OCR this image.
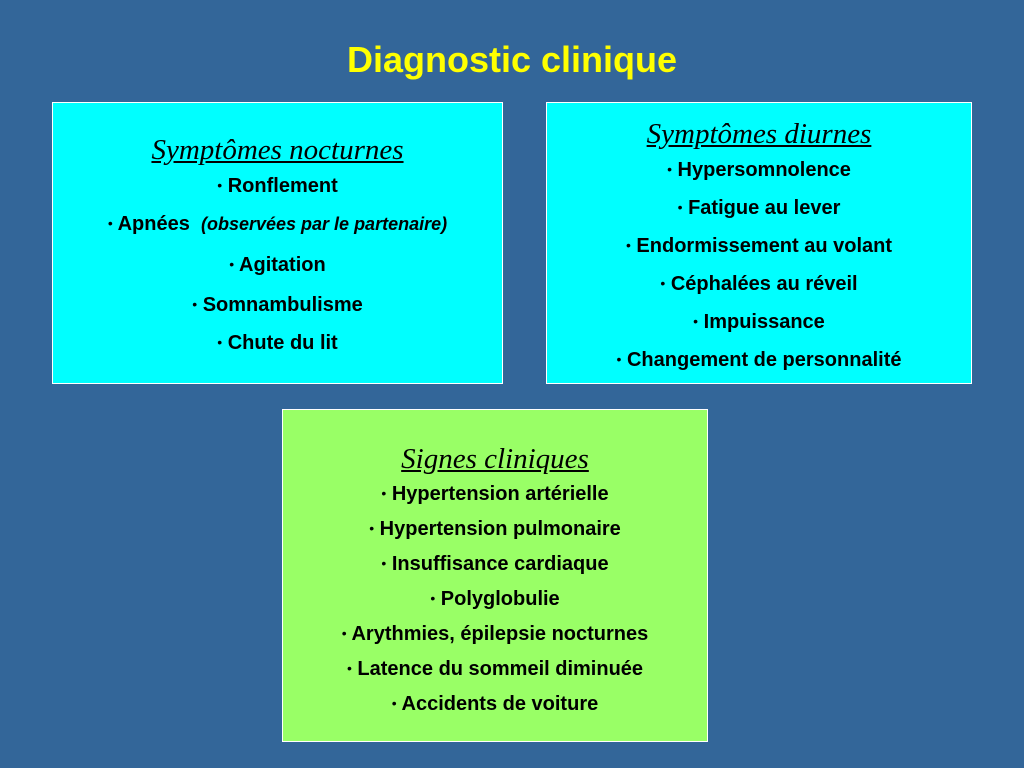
Diagnostic clinique
Symptômes nocturnes
• Ronflement
• Apnées (observées par le partenaire)
• Agitation
• Somnambulisme
• Chute du lit
Symptômes diurnes
• Hypersomnolence
• Fatigue au lever
• Endormissement au volant
• Céphalées au réveil
• Impuissance
• Changement de personnalité
Signes cliniques
• Hypertension artérielle
• Hypertension pulmonaire
• Insuffisance cardiaque
• Polyglobulie
• Arythmies, épilepsie nocturnes
• Latence du sommeil diminuée
• Accidents de voiture
